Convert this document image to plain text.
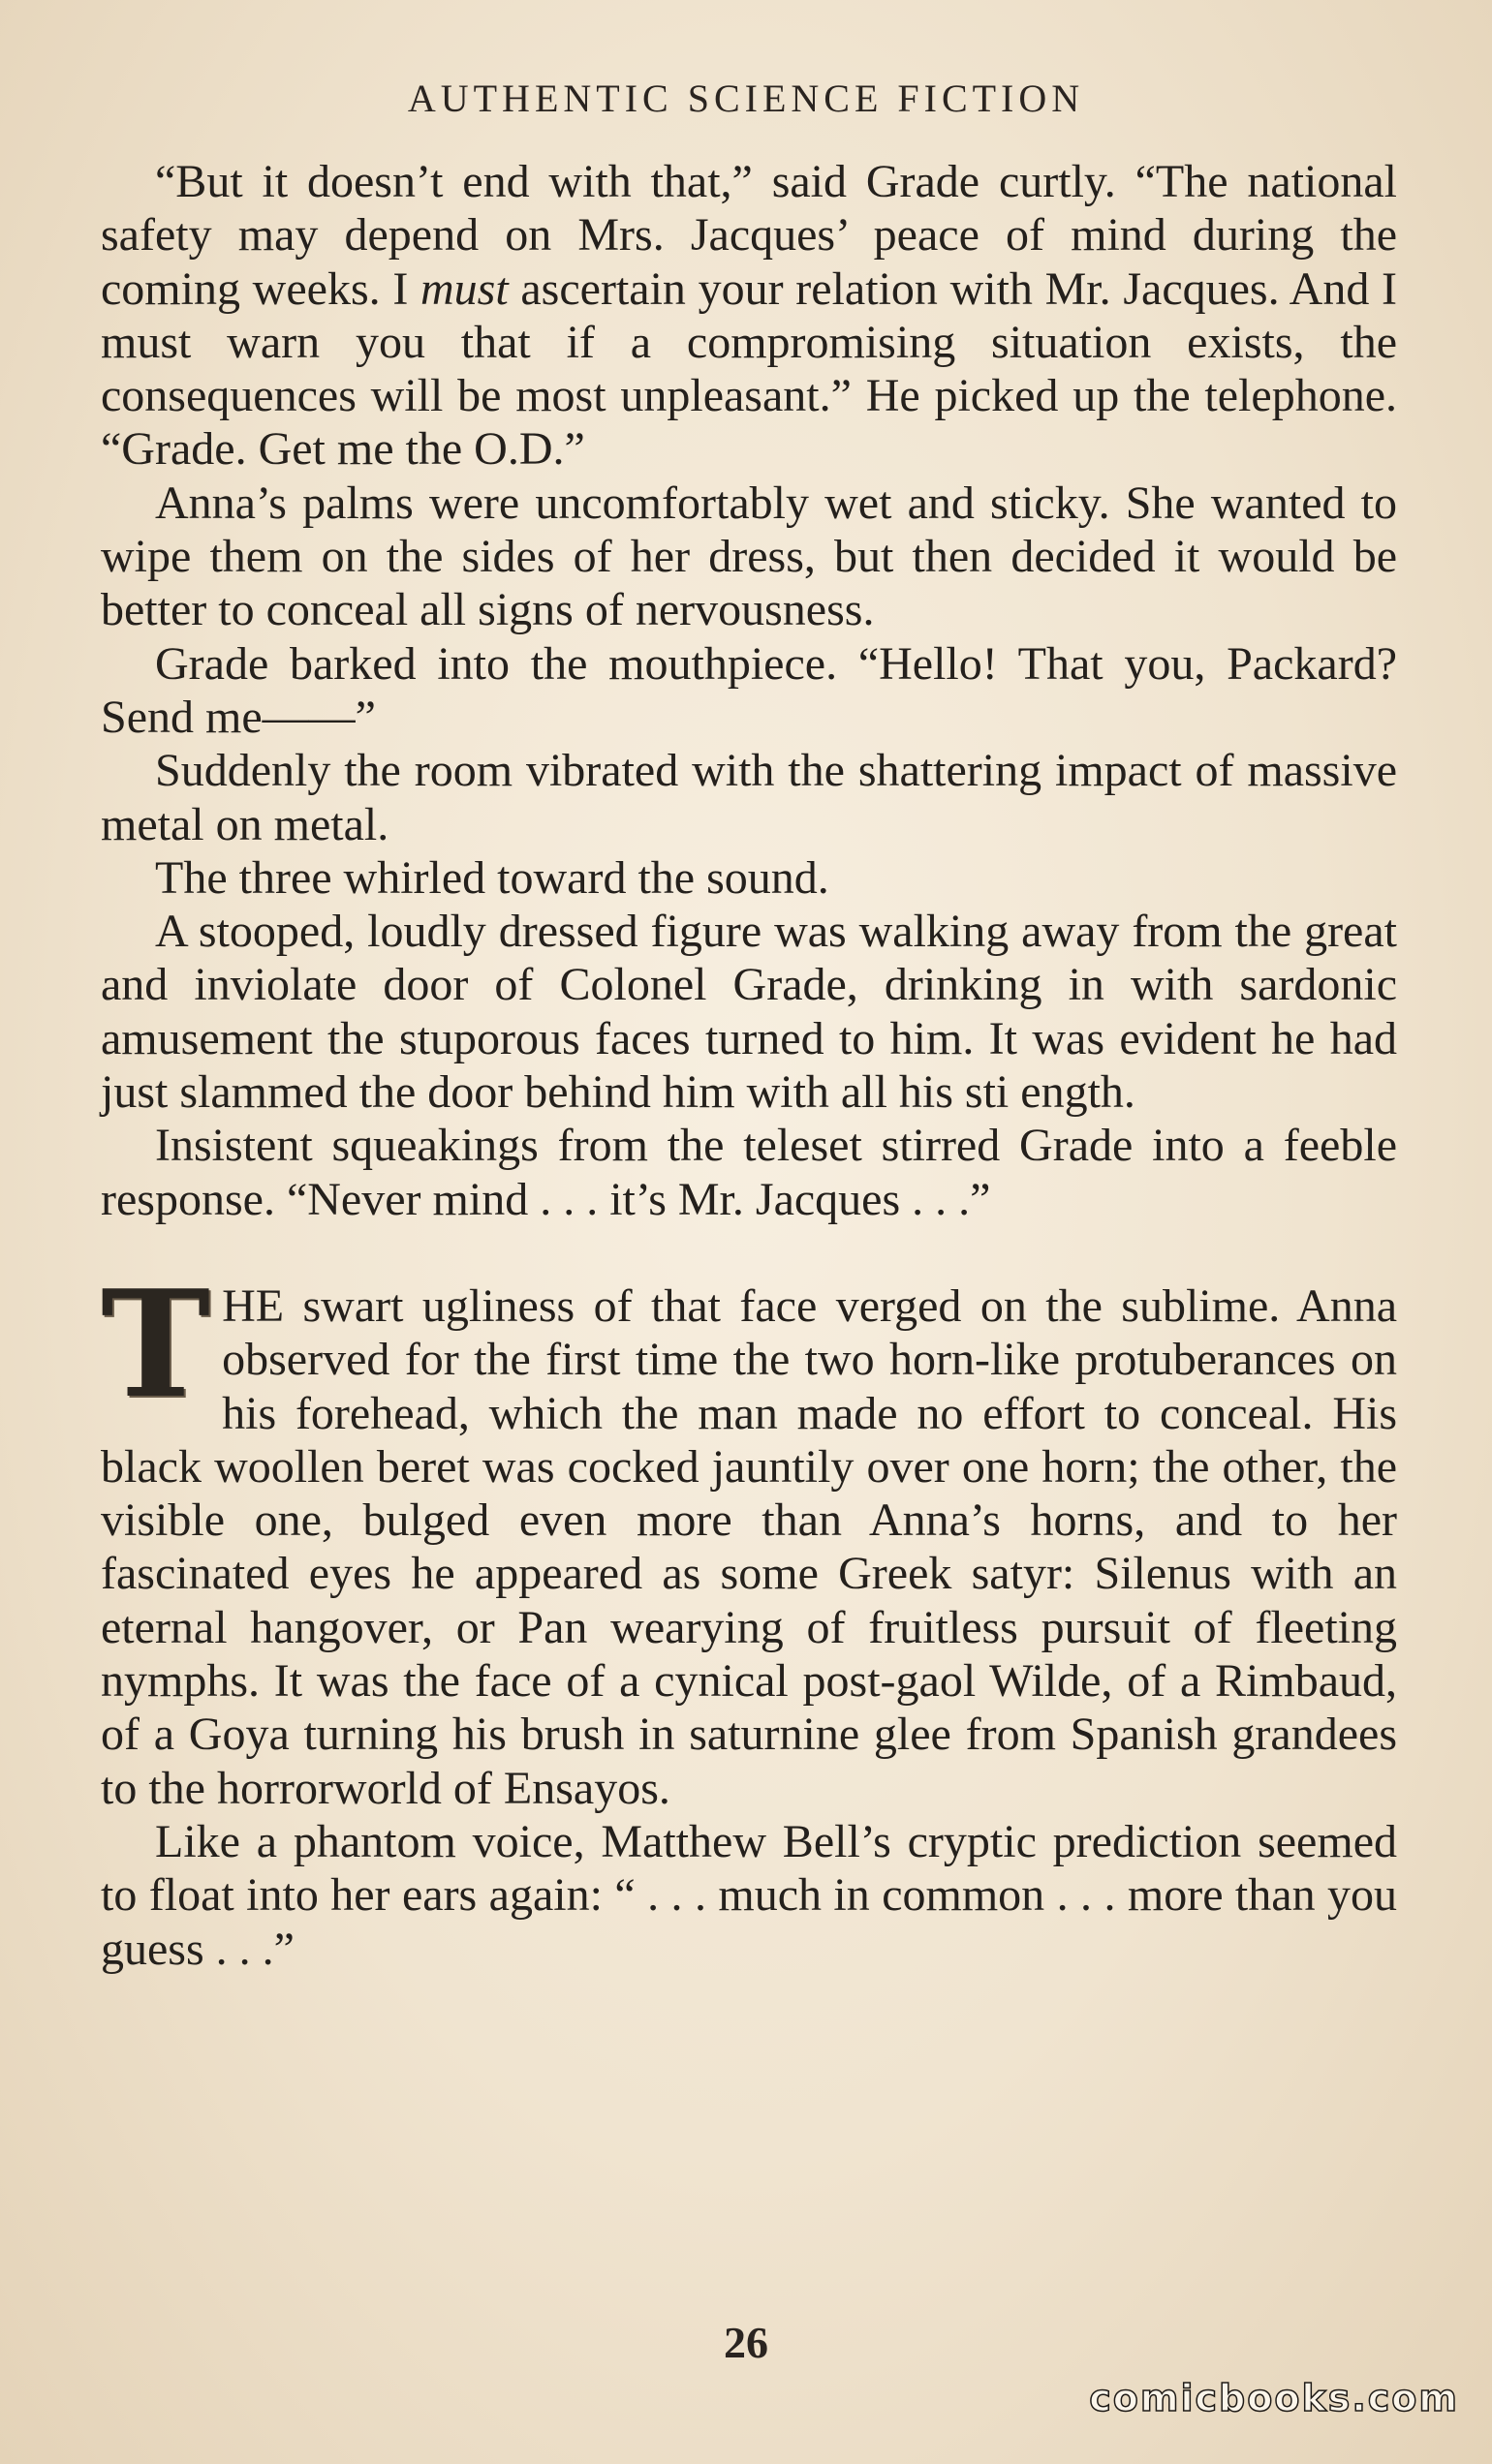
AUTHENTIC SCIENCE FICTION

“But it doesn’t end with that,” said Grade curtly. “The national safety may depend on Mrs. Jacques’ peace of mind during the coming weeks. I must ascertain your relation with Mr. Jacques. And I must warn you that if a compromising situation exists, the consequences will be most unpleasant.” He picked up the telephone. “Grade. Get me the O.D.”

Anna’s palms were uncomfortably wet and sticky. She wanted to wipe them on the sides of her dress, but then decided it would be better to conceal all signs of nervousness.

Grade barked into the mouthpiece. “Hello! That you, Packard? Send me——”

Suddenly the room vibrated with the shattering impact of massive metal on metal.

The three whirled toward the sound.

A stooped, loudly dressed figure was walking away from the great and inviolate door of Colonel Grade, drinking in with sardonic amusement the stuporous faces turned to him. It was evident he had just slammed the door behind him with all his sti ength.

Insistent squeakings from the teleset stirred Grade into a feeble response. “Never mind . . . it’s Mr. Jacques . . .”

THE swart ugliness of that face verged on the sublime. Anna observed for the first time the two horn-like protuberances on his forehead, which the man made no effort to conceal. His black woollen beret was cocked jauntily over one horn; the other, the visible one, bulged even more than Anna’s horns, and to her fascinated eyes he appeared as some Greek satyr: Silenus with an eternal hangover, or Pan wearying of fruitless pursuit of fleeting nymphs. It was the face of a cynical post-gaol Wilde, of a Rimbaud, of a Goya turning his brush in saturnine glee from Spanish grandees to the horrorworld of Ensayos.

Like a phantom voice, Matthew Bell’s cryptic prediction seemed to float into her ears again: “ . . . much in common . . . more than you guess . . .”

26
comicbooks.com
